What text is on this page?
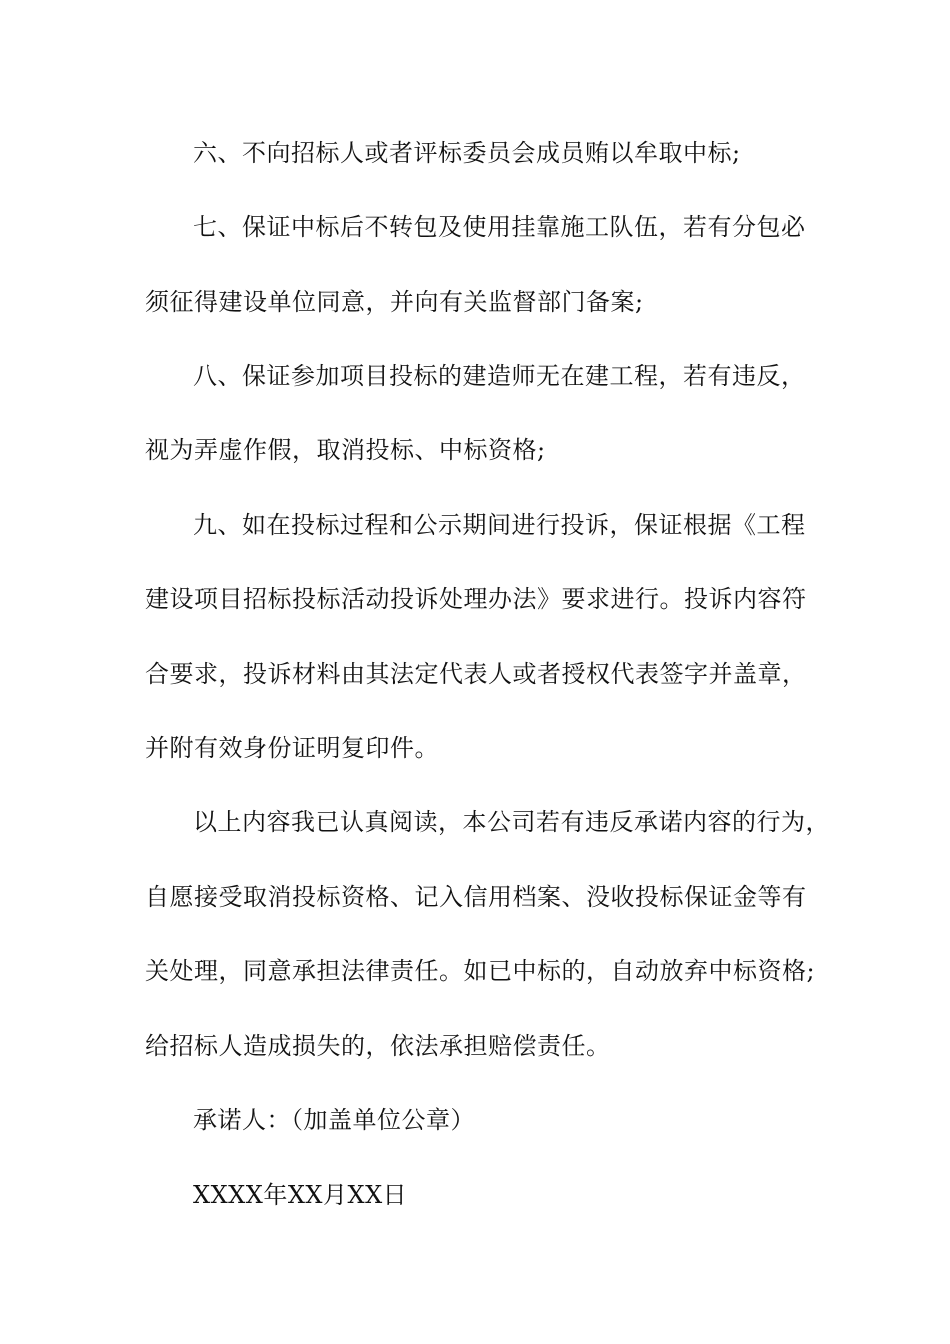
六、不向招标人或者评标委员会成员贿以牟取中标;
七、保证中标后不转包及使用挂靠施工队伍，若有分包必
须征得建设单位同意，并向有关监督部门备案;
八、保证参加项目投标的建造师无在建工程，若有违反，
视为弄虚作假，取消投标、中标资格;
九、如在投标过程和公示期间进行投诉，保证根据《工程
建设项目招标投标活动投诉处理办法》要求进行。投诉内容符
合要求，投诉材料由其法定代表人或者授权代表签字并盖章，
并附有效身份证明复印件。
以上内容我已认真阅读，本公司若有违反承诺内容的行为，
自愿接受取消投标资格、记入信用档案、没收投标保证金等有
关处理，同意承担法律责任。如已中标的，自动放弃中标资格;
给招标人造成损失的，依法承担赔偿责任。
承诺人：（加盖单位公章）
XXXX年XX月XX日
